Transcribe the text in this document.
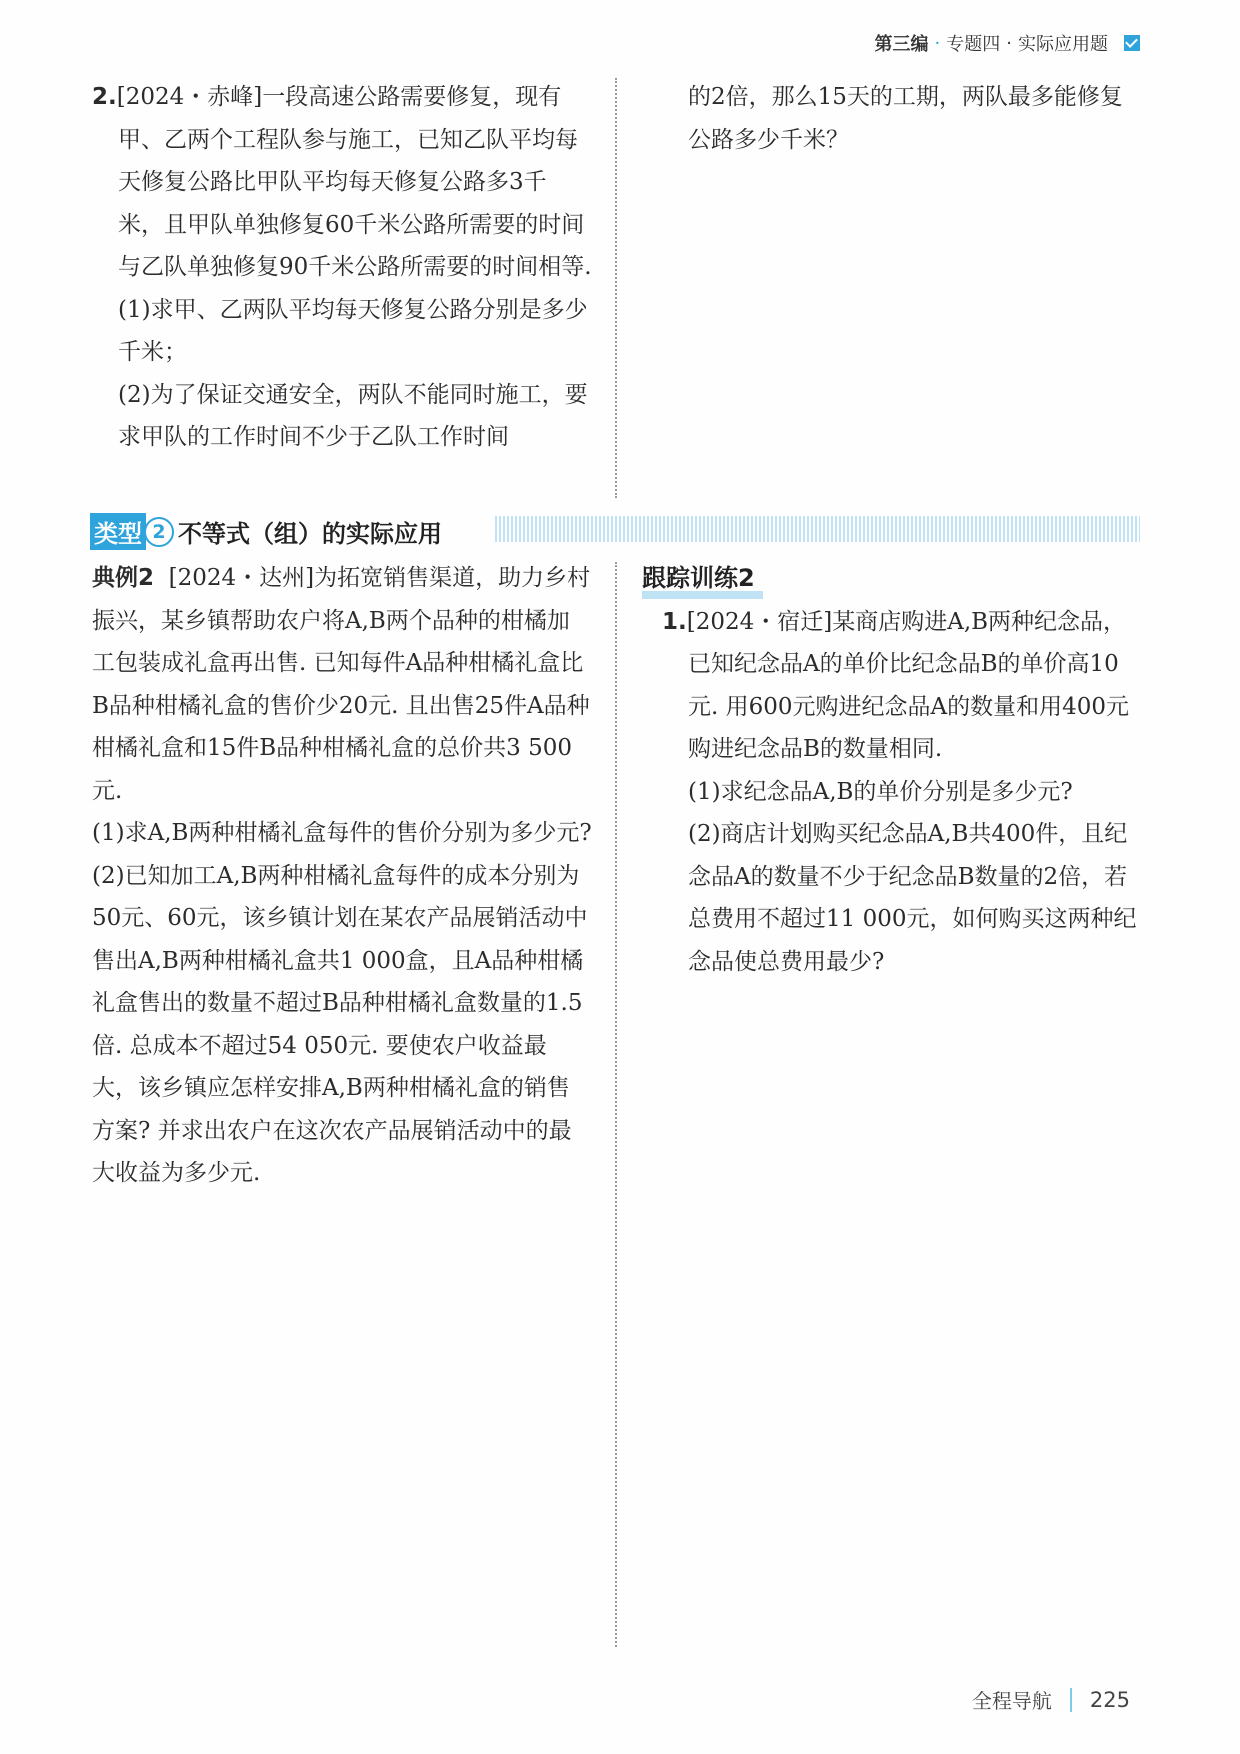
第三编 · 专题四 · 实际应用题

2.[2024・赤峰]一段高速公路需要修复，现有甲、乙两个工程队参与施工，已知乙队平均每天修复公路比甲队平均每天修复公路多3千米，且甲队单独修复60千米公路所需要的时间与乙队单独修复90千米公路所需要的时间相等.

(1)求甲、乙两队平均每天修复公路分别是多少千米；

(2)为了保证交通安全，两队不能同时施工，要求甲队的工作时间不少于乙队工作时间

的2倍，那么15天的工期，两队最多能修复公路多少千米？

类型 2 不等式（组）的实际应用

典例2 [2024・达州]为拓宽销售渠道，助力乡村振兴，某乡镇帮助农户将A,B两个品种的柑橘加工包装成礼盒再出售. 已知每件A品种柑橘礼盒比B品种柑橘礼盒的售价少20元. 且出售25件A品种柑橘礼盒和15件B品种柑橘礼盒的总价共3 500元.

(1)求A,B两种柑橘礼盒每件的售价分别为多少元?

(2)已知加工A,B两种柑橘礼盒每件的成本分别为50元、60元，该乡镇计划在某农产品展销活动中售出A,B两种柑橘礼盒共1 000盒，且A品种柑橘礼盒售出的数量不超过B品种柑橘礼盒数量的1.5倍. 总成本不超过54 050元. 要使农户收益最大，该乡镇应怎样安排A,B两种柑橘礼盒的销售方案? 并求出农户在这次农产品展销活动中的最大收益为多少元.

跟踪训练2

1.[2024・宿迁]某商店购进A,B两种纪念品，已知纪念品A的单价比纪念品B的单价高10元. 用600元购进纪念品A的数量和用400元购进纪念品B的数量相同.

(1)求纪念品A,B的单价分别是多少元?

(2)商店计划购买纪念品A,B共400件，且纪念品A的数量不少于纪念品B数量的2倍，若总费用不超过11 000元，如何购买这两种纪念品使总费用最少?

全程导航 225
